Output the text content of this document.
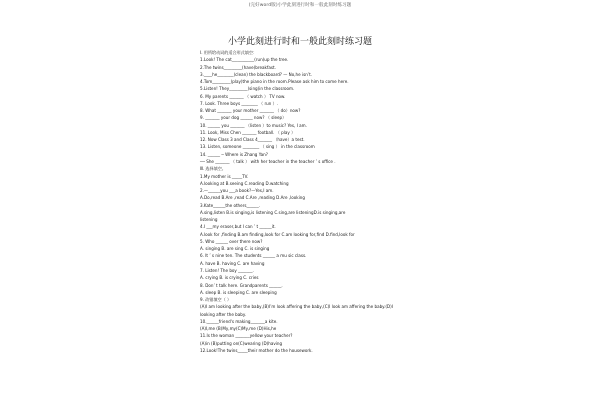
(完好word版)小学此刻进行时和一般此刻时练习题
小学此刻进行时和一般此刻时练习题
I. 用所给动词的适合形式填空：
1.Look! The cat___________(run)up the tree.
2.The twins_________(have)breakfast.
3.____he________(clean) the blackboard? — No,he isn’t.
4.Tom_________(play)the piano in the room.Please ask him to come here.
5.Listen! They_________(sing)in the classroom.
6. My parents _______ （ watch ） TV now.
7. Look. Three boys ________ （ run ）.
8. What _______ your mother _______ （ do）now?
9. _______ your dog ______ now? （ sleep）
10. ______ you _______ （listen ）to music? Yes, I am.
11. Look, Miss Chen _______ football. （ play ）
12. Now Class 3 and Class 4_______ （have）a test.
13. Listen, someone ________ （ sing ） in the classroom
14. ______ ─ Where is Zhang Yan?
── She _______ （ talk ） with her teacher in the teacher ’ s office .
Ⅲ. 选择填空。
1.My mother is _____TV.
A.looking at B.seeing C.reading D.watching
2.—______you ___a book?—Yes,I am.
A.Do,read B.Are ,read C.Are ,reading D.Are ,looking
3.Kate______the others______.
A.sing,listen B.is singing,is listening C.sing,are listeningD.is singing,are
listening
4.I ___my eraser,but I can ’ t ______it.
A.look for ,finding B.am finding,look for C.am looking for,find D.find,look for
5. Who ______ over there now?
A. singing B. are sing C. is singing
6. It ’ s nine ten. The students ______ a mu sic class.
A. have B. having C. are having
7. Listen! The boy _______.
A. crying B. is crying C. cries
8. Don’ t talk here. Grandparents ______.
A. sleep B. is sleeping C. are sleeping
9. 改错填空（ ）
(A)I am looking after the baby,(B)I’m look affering the baby,(C)I look am affering the baby.(D)I
looking after the baby.
10.______friend's making_______a kite.
(A)I,me (B)My,my(C)My,me (D)His,he
11.Is the woman _______yellow your teacher?
(A)in (B)putting on(C)wearing (D)having
12.Look!The twins_____their mother do the housework.
